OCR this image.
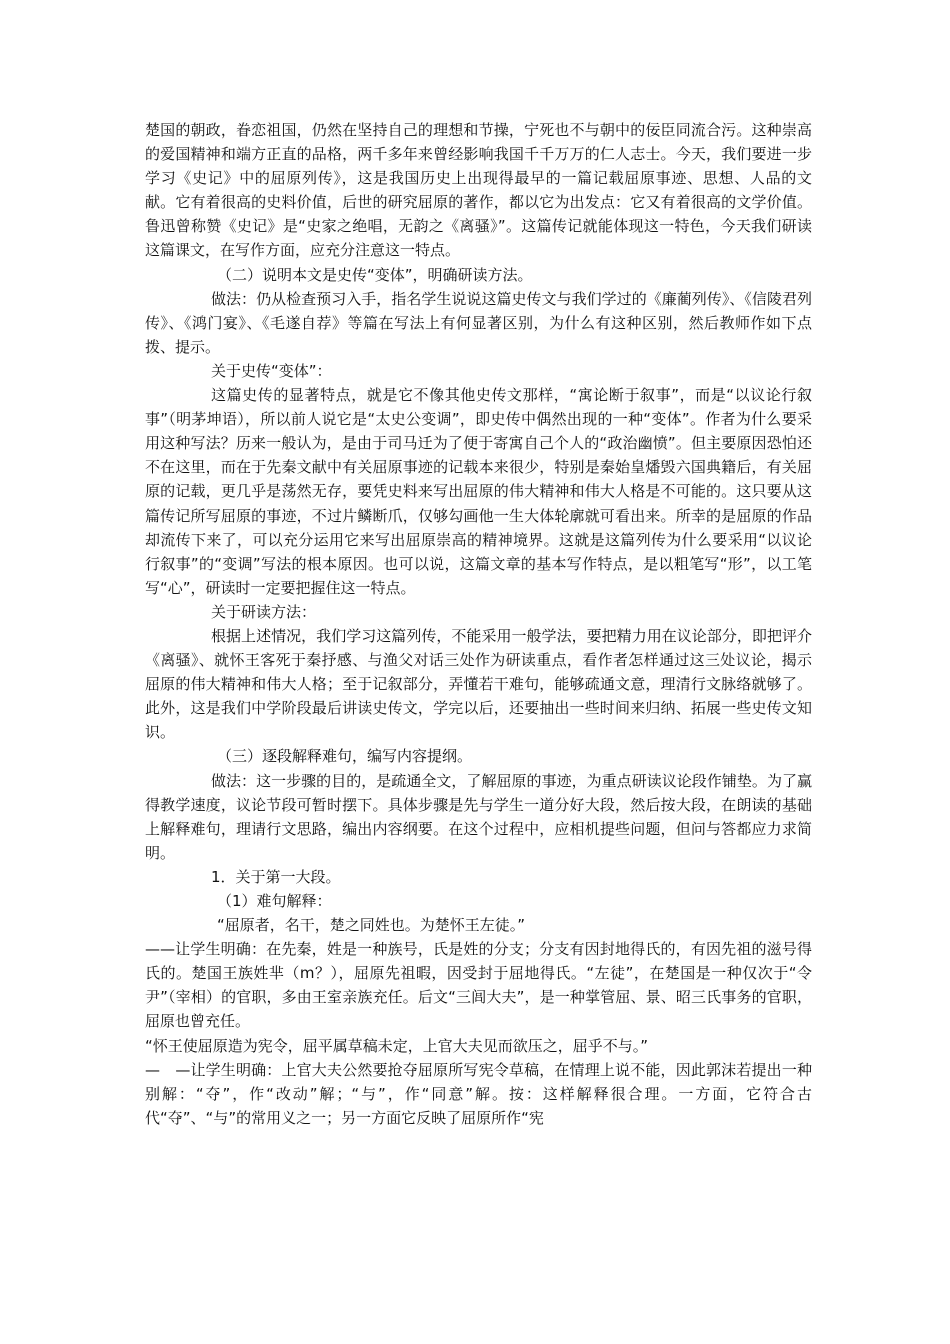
楚国的朝政，眷恋祖国，仍然在坚持自己的理想和节操，宁死也不与朝中的佞臣同流合污。这种崇高的爱国精神和端方正直的品格，两千多年来曾经影响我国千千万万的仁人志士。今天，我们要进一步学习《史记》中的屈原列传》，这是我国历史上出现得最早的一篇记载屈原事迹、思想、人品的文献。它有着很高的史料价值，后世的研究屈原的著作，都以它为出发点：它又有着很高的文学价值。鲁迅曾称赞《史记》是“史家之绝唱，无韵之《离骚》”。这篇传记就能体现这一特色，今天我们研读这篇课文，在写作方面，应充分注意这一特点。

（二）说明本文是史传“变体”，明确研读方法。

做法：仍从检查预习入手，指名学生说说这篇史传文与我们学过的《廉蔺列传》、《信陵君列传》、《鸿门宴》、《毛遂自荐》等篇在写法上有何显著区别，为什么有这种区别，然后教师作如下点拨、提示。

关于史传“变体”：

这篇史传的显著特点，就是它不像其他史传文那样，“寓论断于叙事”，而是“以议论行叙事”（明茅坤语），所以前人说它是“太史公变调”，即史传中偶然出现的一种“变体”。作者为什么要采用这种写法？历来一般认为，是由于司马迁为了便于寄寓自己个人的“政治幽愤”。但主要原因恐怕还不在这里，而在于先秦文献中有关屈原事迹的记载本来很少，特别是秦始皇燔毁六国典籍后，有关屈原的记载，更几乎是荡然无存，要凭史料来写出屈原的伟大精神和伟大人格是不可能的。这只要从这篇传记所写屈原的事迹，不过片鳞断爪，仅够勾画他一生大体轮廓就可看出来。所幸的是屈原的作品却流传下来了，可以充分运用它来写出屈原崇高的精神境界。这就是这篇列传为什么要采用“以议论行叙事”的“变调”写法的根本原因。也可以说，这篇文章的基本写作特点，是以粗笔写“形”，以工笔写“心”，研读时一定要把握住这一特点。

关于研读方法：

根据上述情况，我们学习这篇列传，不能采用一般学法，要把精力用在议论部分，即把评介《离骚》、就怀王客死于秦抒感、与渔父对话三处作为研读重点，看作者怎样通过这三处议论，揭示屈原的伟大精神和伟大人格；至于记叙部分，弄懂若干难句，能够疏通文意，理清行文脉络就够了。此外，这是我们中学阶段最后讲读史传文，学完以后，还要抽出一些时间来归纳、拓展一些史传文知识。

（三）逐段解释难句，编写内容提纲。

做法：这一步骤的目的，是疏通全文，了解屈原的事迹，为重点研读议论段作铺垫。为了赢得教学速度，议论节段可暂时摆下。具体步骤是先与学生一道分好大段，然后按大段，在朗读的基础上解释难句，理请行文思路，编出内容纲要。在这个过程中，应相机提些问题，但问与答都应力求简明。

1．关于第一大段。

（1）难句解释：

“屈原者，名干，楚之同姓也。为楚怀王左徒。”

——让学生明确：在先秦，姓是一种族号，氏是姓的分支；分支有因封地得氏的，有因先祖的滋号得氏的。楚国王族姓芈（m？），屈原先祖暇，因受封于屈地得氏。“左徒”，在楚国是一种仅次于“令尹”（宰相）的官职，多由王室亲族充任。后文“三闾大夫”，是一种掌管屈、景、昭三氏事务的官职，屈原也曾充任。

“怀王使屈原造为宪令，屈平属草稿未定，上官大夫见而欲压之，屈乎不与。”

—　—让学生明确：上官大夫公然要抢夺屈原所写宪令草稿，在情理上说不能，因此郭沫若提出一种别解：“夺”，作“改动”解；“与”，作“同意”解。按：这样解释很合理。一方面，它符合古代“夺”、“与”的常用义之一；另一方面它反映了屈原所作“宪
